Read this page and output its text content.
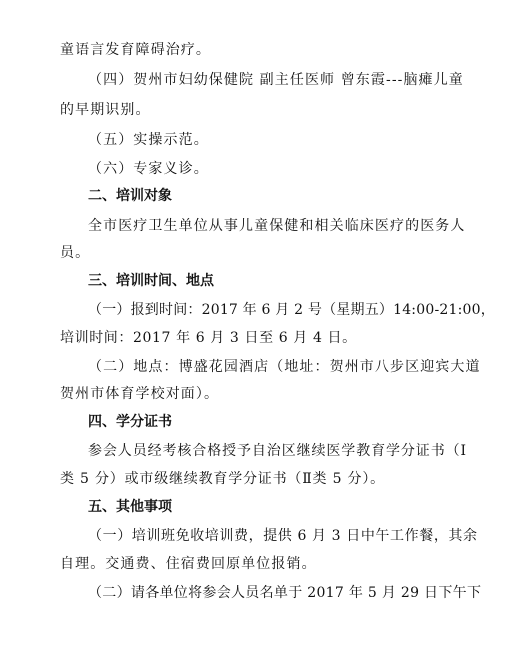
童语言发育障碍治疗。
（四）贺州市妇幼保健院 副主任医师 曾东霞---脑瘫儿童
的早期识别。
（五）实操示范。
（六）专家义诊。
二、培训对象
全市医疗卫生单位从事儿童保健和相关临床医疗的医务人
员。
三、培训时间、地点
（一）报到时间：2017 年 6 月 2 号（星期五）14:00-21:00，
培训时间：2017 年 6 月 3 日至 6 月 4 日。
（二）地点：博盛花园酒店（地址：贺州市八步区迎宾大道
贺州市体育学校对面）。
四、学分证书
参会人员经考核合格授予自治区继续医学教育学分证书（Ⅰ
类 5 分）或市级继续教育学分证书（Ⅱ类 5 分）。
五、其他事项
（一）培训班免收培训费，提供 6 月 3 日中午工作餐，其余
自理。交通费、住宿费回原单位报销。
（二）请各单位将参会人员名单于 2017 年 5 月 29 日下午下
